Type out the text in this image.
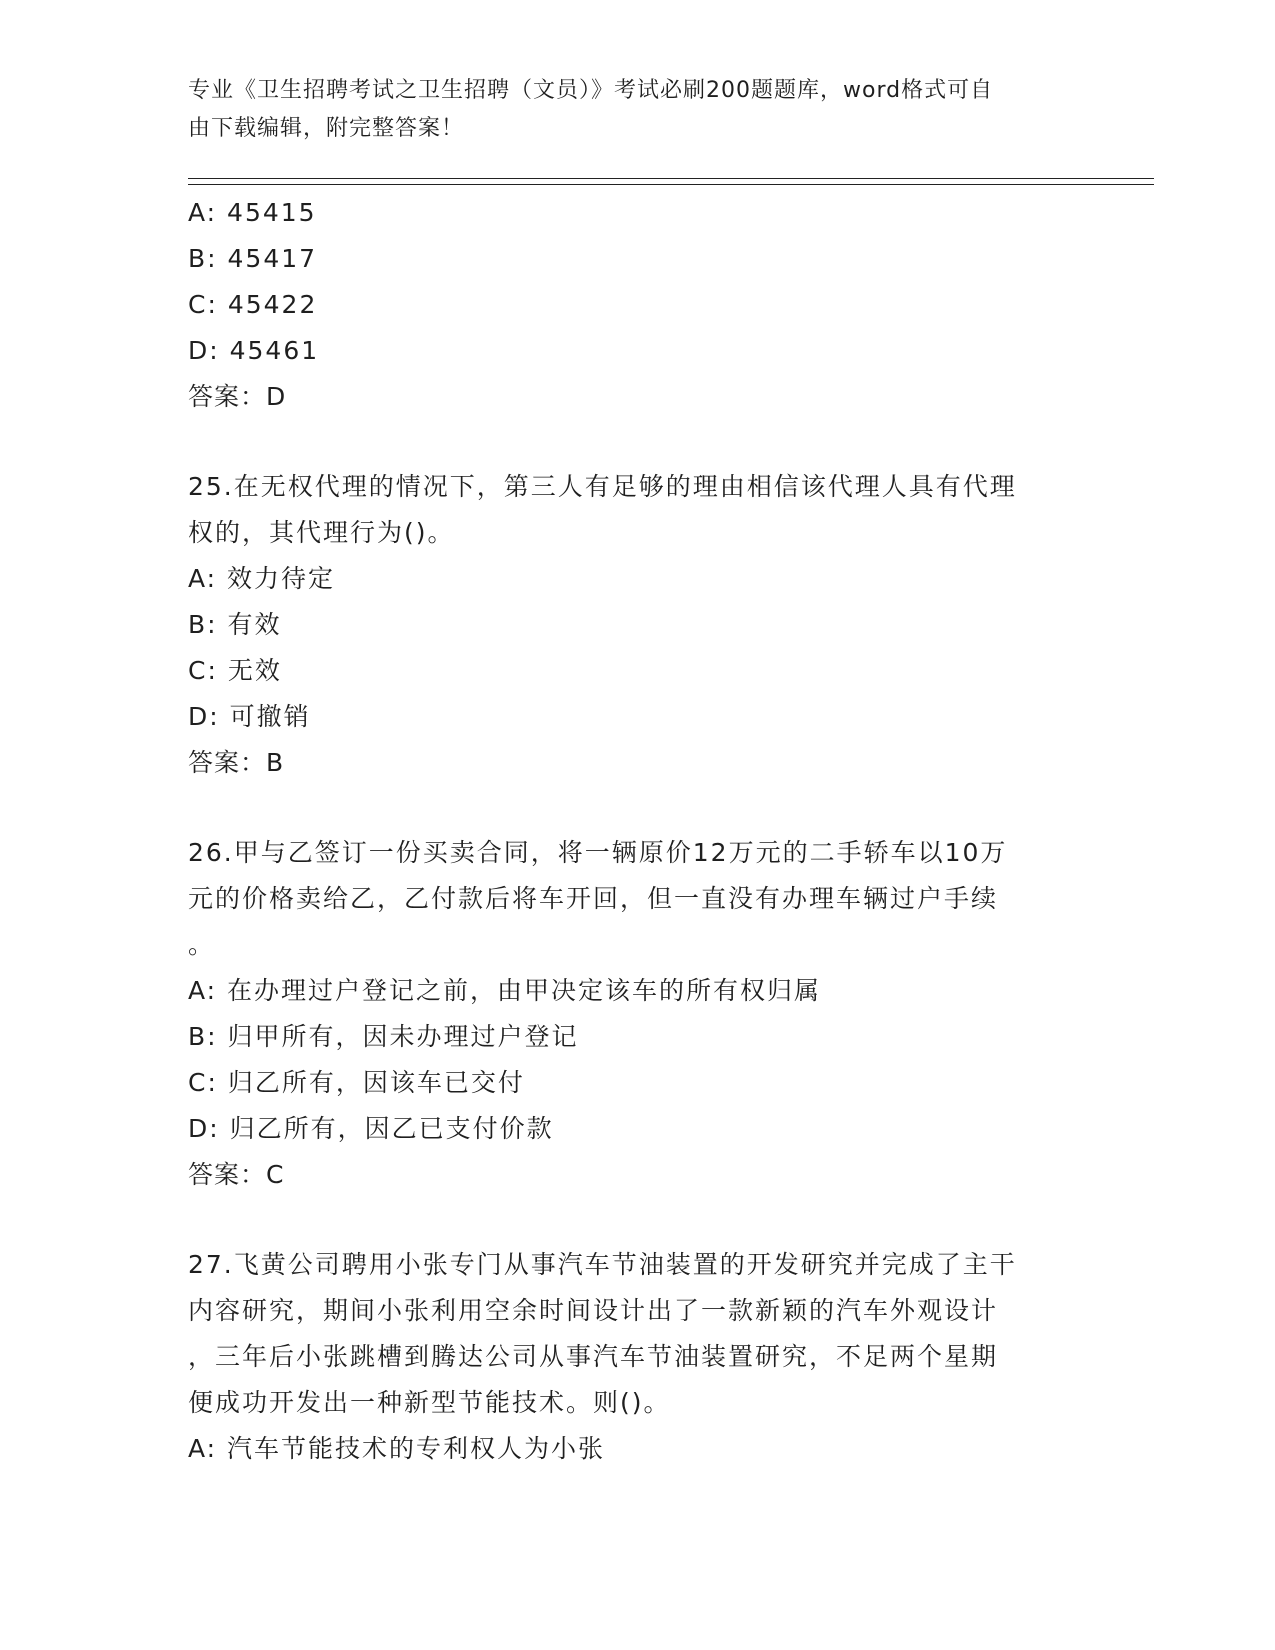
专业《卫生招聘考试之卫生招聘（文员）》考试必刷200题题库，word格式可自
由下载编辑，附完整答案！
A: 45415
B: 45417
C: 45422
D: 45461
答案：D
25.在无权代理的情况下，第三人有足够的理由相信该代理人具有代理
权的，其代理行为()。
A: 效力待定
B: 有效
C: 无效
D: 可撤销
答案：B
26.甲与乙签订一份买卖合同，将一辆原价12万元的二手轿车以10万
元的价格卖给乙，乙付款后将车开回，但一直没有办理车辆过户手续
。
A: 在办理过户登记之前，由甲决定该车的所有权归属
B: 归甲所有，因未办理过户登记
C: 归乙所有，因该车已交付
D: 归乙所有，因乙已支付价款
答案：C
27.飞黄公司聘用小张专门从事汽车节油装置的开发研究并完成了主干
内容研究，期间小张利用空余时间设计出了一款新颖的汽车外观设计
，三年后小张跳槽到腾达公司从事汽车节油装置研究，不足两个星期
便成功开发出一种新型节能技术。则()。
A: 汽车节能技术的专利权人为小张
